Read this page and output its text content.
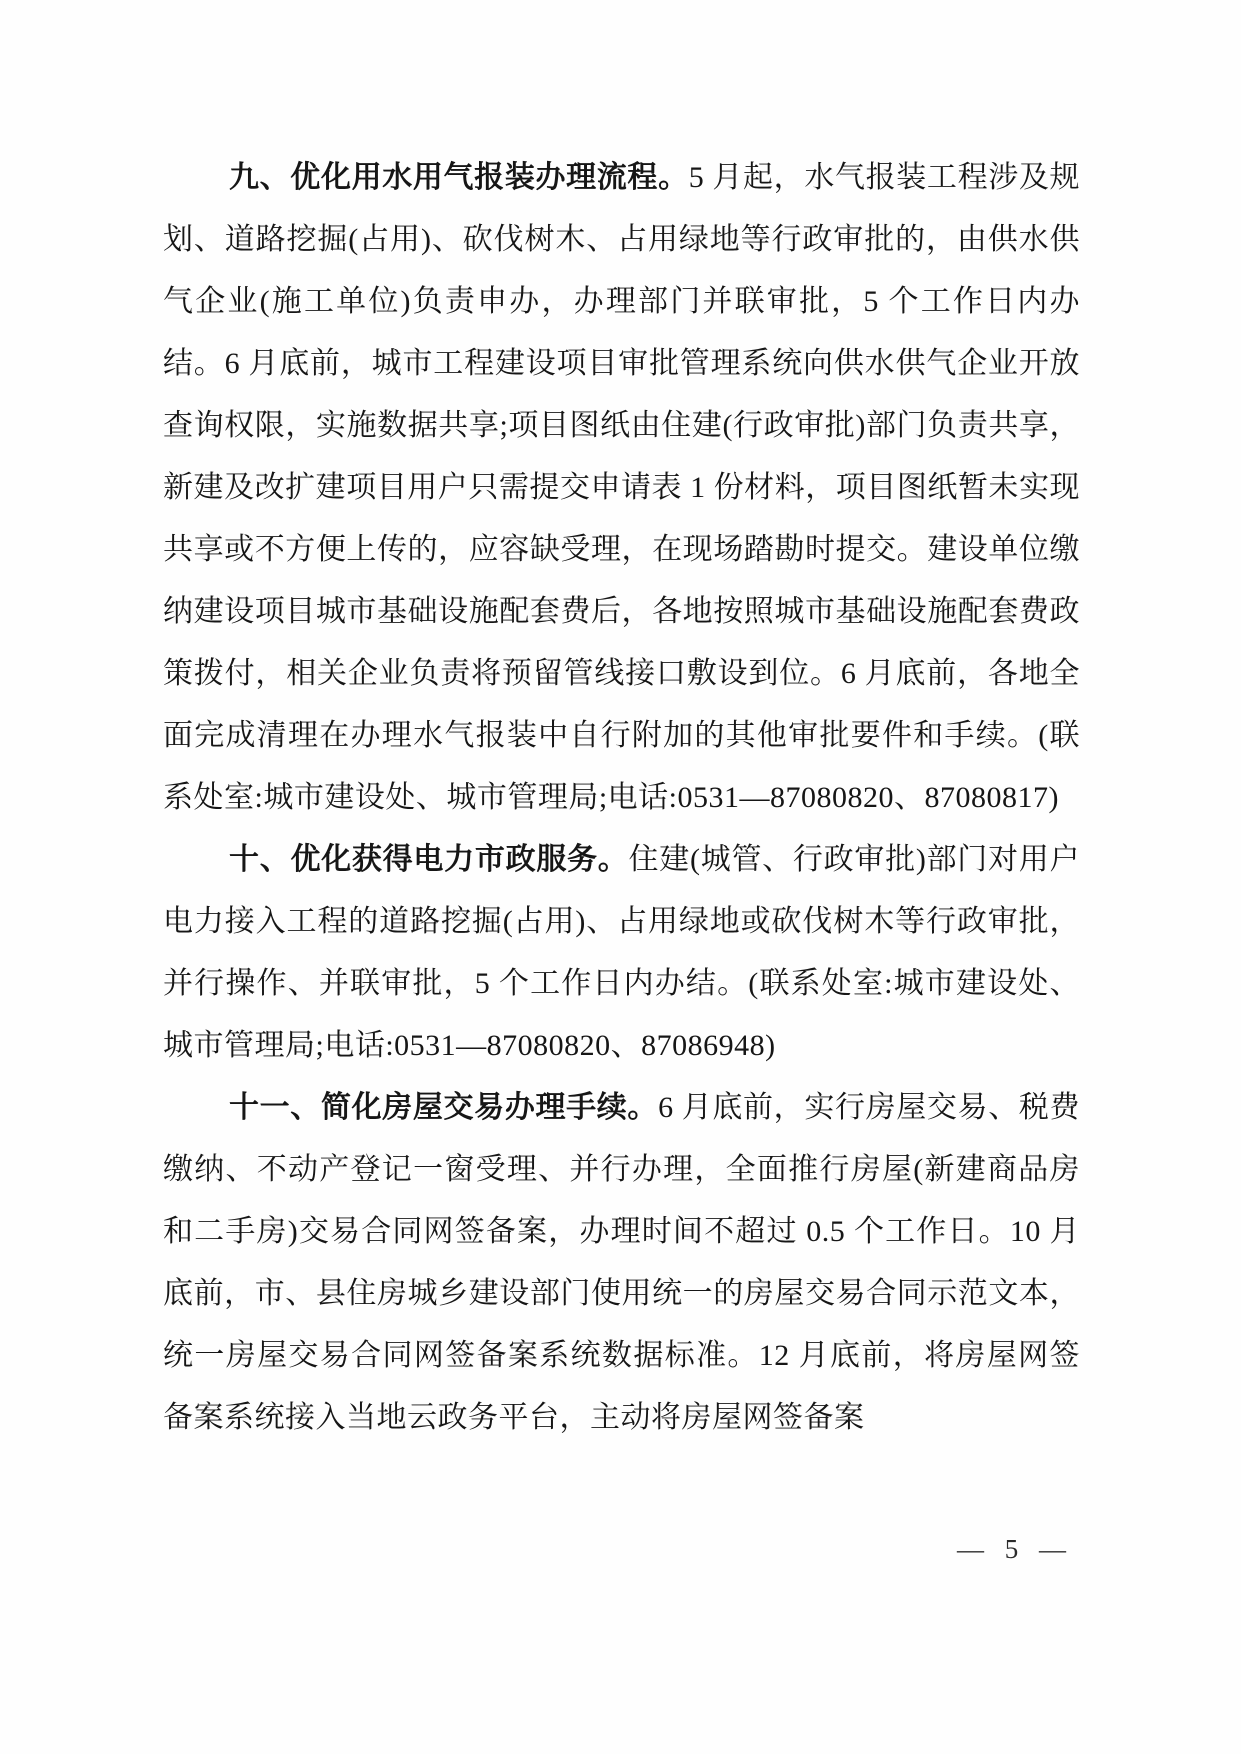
九、优化用水用气报装办理流程。5 月起，水气报装工程涉及规划、道路挖掘(占用)、砍伐树木、占用绿地等行政审批的，由供水供气企业(施工单位)负责申办，办理部门并联审批，5 个工作日内办结。6 月底前，城市工程建设项目审批管理系统向供水供气企业开放查询权限，实施数据共享;项目图纸由住建(行政审批)部门负责共享，新建及改扩建项目用户只需提交申请表 1 份材料，项目图纸暂未实现共享或不方便上传的，应容缺受理，在现场踏勘时提交。建设单位缴纳建设项目城市基础设施配套费后，各地按照城市基础设施配套费政策拨付，相关企业负责将预留管线接口敷设到位。6 月底前，各地全面完成清理在办理水气报装中自行附加的其他审批要件和手续。(联系处室:城市建设处、城市管理局;电话:0531—87080820、87080817)

十、优化获得电力市政服务。住建(城管、行政审批)部门对用户电力接入工程的道路挖掘(占用)、占用绿地或砍伐树木等行政审批，并行操作、并联审批，5 个工作日内办结。(联系处室:城市建设处、城市管理局;电话:0531—87080820、87086948)

十一、简化房屋交易办理手续。6 月底前，实行房屋交易、税费缴纳、不动产登记一窗受理、并行办理，全面推行房屋(新建商品房和二手房)交易合同网签备案，办理时间不超过 0.5 个工作日。10 月底前，市、县住房城乡建设部门使用统一的房屋交易合同示范文本，统一房屋交易合同网签备案系统数据标准。12 月底前，将房屋网签备案系统接入当地云政务平台，主动将房屋网签备案

— 5 —
